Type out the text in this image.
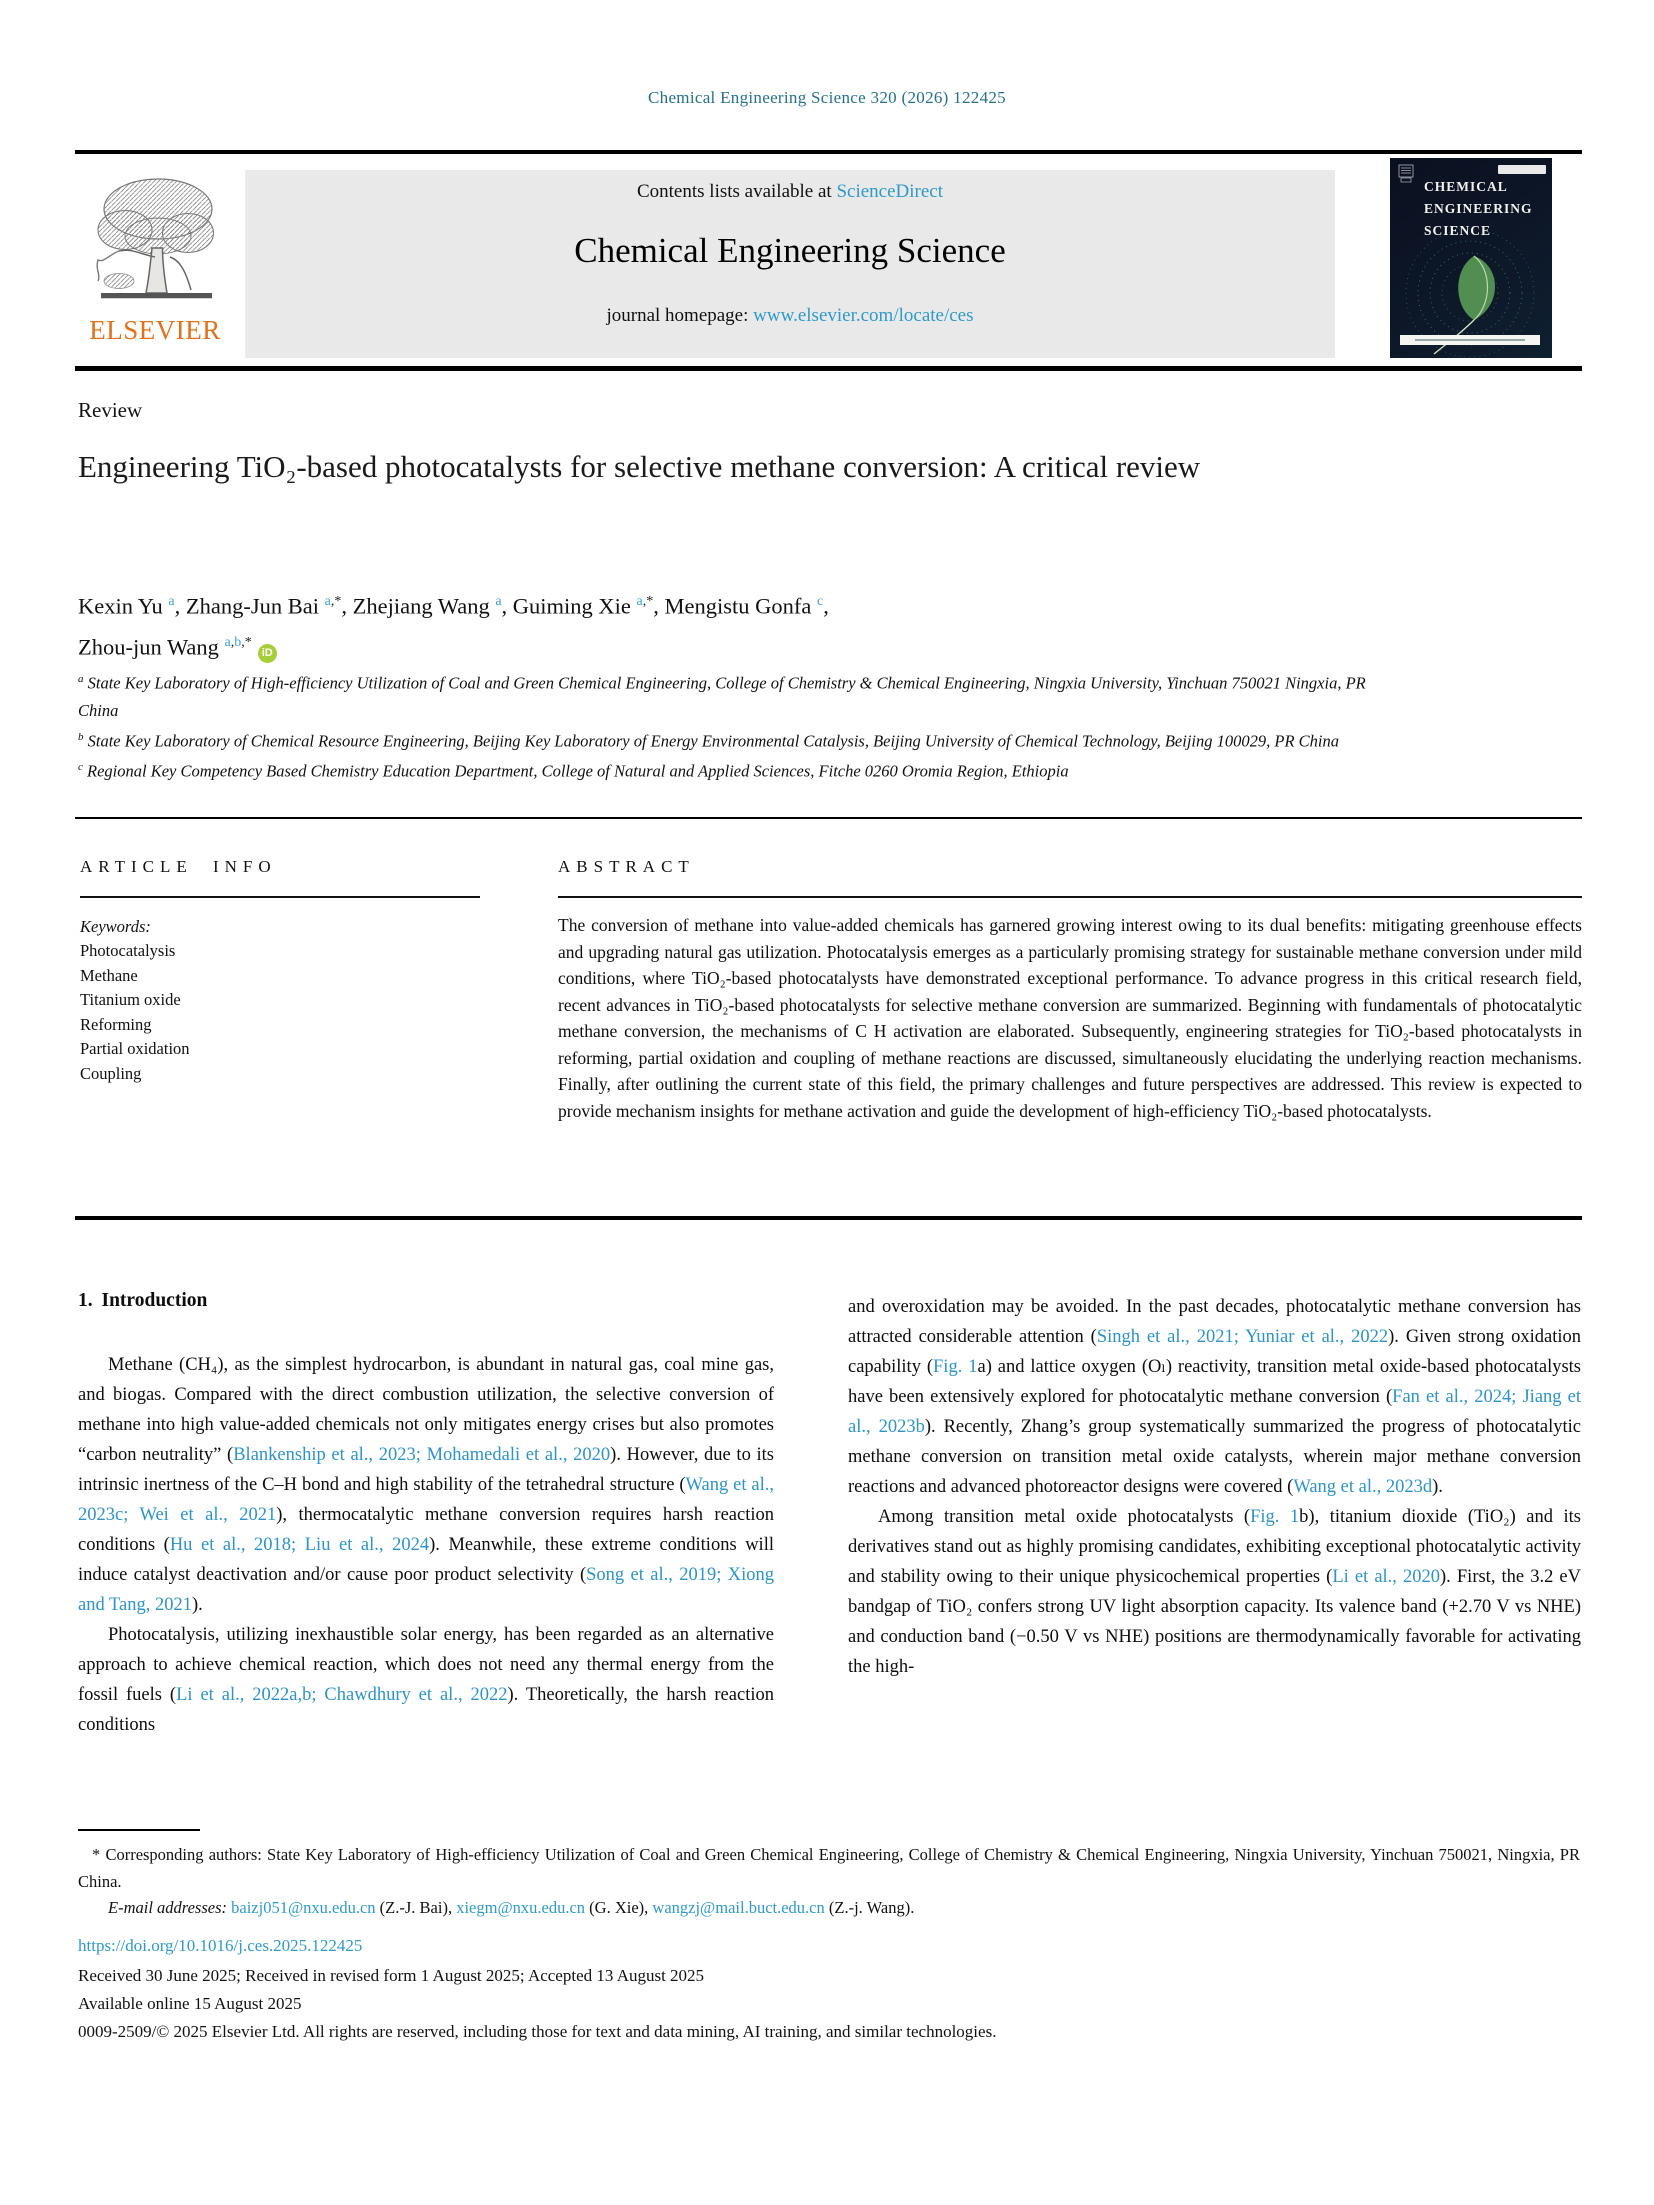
Chemical Engineering Science 320 (2026) 122425
ELSEVIER
Contents lists available at ScienceDirect
Chemical Engineering Science
journal homepage: www.elsevier.com/locate/ces
CHEMICAL
ENGINEERING
SCIENCE
Review
Engineering TiO₂-based photocatalysts for selective methane conversion: A critical review
Kexin Yu $^a$, Zhang-Jun Bai $^{a,*}$, Zhejiang Wang $^a$, Guiming Xie $^{a,*}$, Mengistu Gonfa $^c$,
Zhou-jun Wang $^{a,b,*}$iD
$^a$ State Key Laboratory of High-efficiency Utilization of Coal and Green Chemical Engineering, College of Chemistry & Chemical Engineering, Ningxia University, Yinchuan 750021 Ningxia, PR China
$^b$ State Key Laboratory of Chemical Resource Engineering, Beijing Key Laboratory of Energy Environmental Catalysis, Beijing University of Chemical Technology, Beijing 100029, PR China
$^c$ Regional Key Competency Based Chemistry Education Department, College of Natural and Applied Sciences, Fitche 0260 Oromia Region, Ethiopia
ARTICLE INFO
Keywords:
Photocatalysis
Methane
Titanium oxide
Reforming
Partial oxidation
Coupling
ABSTRACT
The conversion of methane into value-added chemicals has garnered growing interest owing to its dual benefits: mitigating greenhouse effects and upgrading natural gas utilization. Photocatalysis emerges as a particularly promising strategy for sustainable methane conversion under mild conditions, where TiO₂-based photocatalysts have demonstrated exceptional performance. To advance progress in this critical research field, recent advances in TiO₂-based photocatalysts for selective methane conversion are summarized. Beginning with fundamentals of photocatalytic methane conversion, the mechanisms of C H activation are elaborated. Subsequently, engineering strategies for TiO₂-based photocatalysts in reforming, partial oxidation and coupling of methane reactions are discussed, simultaneously elucidating the underlying reaction mechanisms. Finally, after outlining the current state of this field, the primary challenges and future perspectives are addressed. This review is expected to provide mechanism insights for methane activation and guide the development of high-efficiency TiO₂-based photocatalysts.
1. Introduction
Methane (CH₄), as the simplest hydrocarbon, is abundant in natural gas, coal mine gas, and biogas. Compared with the direct combustion utilization, the selective conversion of methane into high value-added chemicals not only mitigates energy crises but also promotes “carbon neutrality” (Blankenship et al., 2023; Mohamedali et al., 2020). However, due to its intrinsic inertness of the C–H bond and high stability of the tetrahedral structure (Wang et al., 2023c; Wei et al., 2021), thermocatalytic methane conversion requires harsh reaction conditions (Hu et al., 2018; Liu et al., 2024). Meanwhile, these extreme conditions will induce catalyst deactivation and/or cause poor product selectivity (Song et al., 2019; Xiong and Tang, 2021).
Photocatalysis, utilizing inexhaustible solar energy, has been regarded as an alternative approach to achieve chemical reaction, which does not need any thermal energy from the fossil fuels (Li et al., 2022a,b; Chawdhury et al., 2022). Theoretically, the harsh reaction conditions
and overoxidation may be avoided. In the past decades, photocatalytic methane conversion has attracted considerable attention (Singh et al., 2021; Yuniar et al., 2022). Given strong oxidation capability (Fig. 1a) and lattice oxygen (Oₗ) reactivity, transition metal oxide-based photocatalysts have been extensively explored for photocatalytic methane conversion (Fan et al., 2024; Jiang et al., 2023b). Recently, Zhang’s group systematically summarized the progress of photocatalytic methane conversion on transition metal oxide catalysts, wherein major methane conversion reactions and advanced photoreactor designs were covered (Wang et al., 2023d).
Among transition metal oxide photocatalysts (Fig. 1b), titanium dioxide (TiO₂) and its derivatives stand out as highly promising candidates, exhibiting exceptional photocatalytic activity and stability owing to their unique physicochemical properties (Li et al., 2020). First, the 3.2 eV bandgap of TiO₂ confers strong UV light absorption capacity. Its valence band (+2.70 V vs NHE) and conduction band (−0.50 V vs NHE) positions are thermodynamically favorable for activating the high-
* Corresponding authors: State Key Laboratory of High-efficiency Utilization of Coal and Green Chemical Engineering, College of Chemistry & Chemical Engineering, Ningxia University, Yinchuan 750021, Ningxia, PR China.
E-mail addresses: baizj051@nxu.edu.cn (Z.-J. Bai), xiegm@nxu.edu.cn (G. Xie), wangzj@mail.buct.edu.cn (Z.-j. Wang).
https://doi.org/10.1016/j.ces.2025.122425
Received 30 June 2025; Received in revised form 1 August 2025; Accepted 13 August 2025
Available online 15 August 2025
0009-2509/© 2025 Elsevier Ltd. All rights are reserved, including those for text and data mining, AI training, and similar technologies.
